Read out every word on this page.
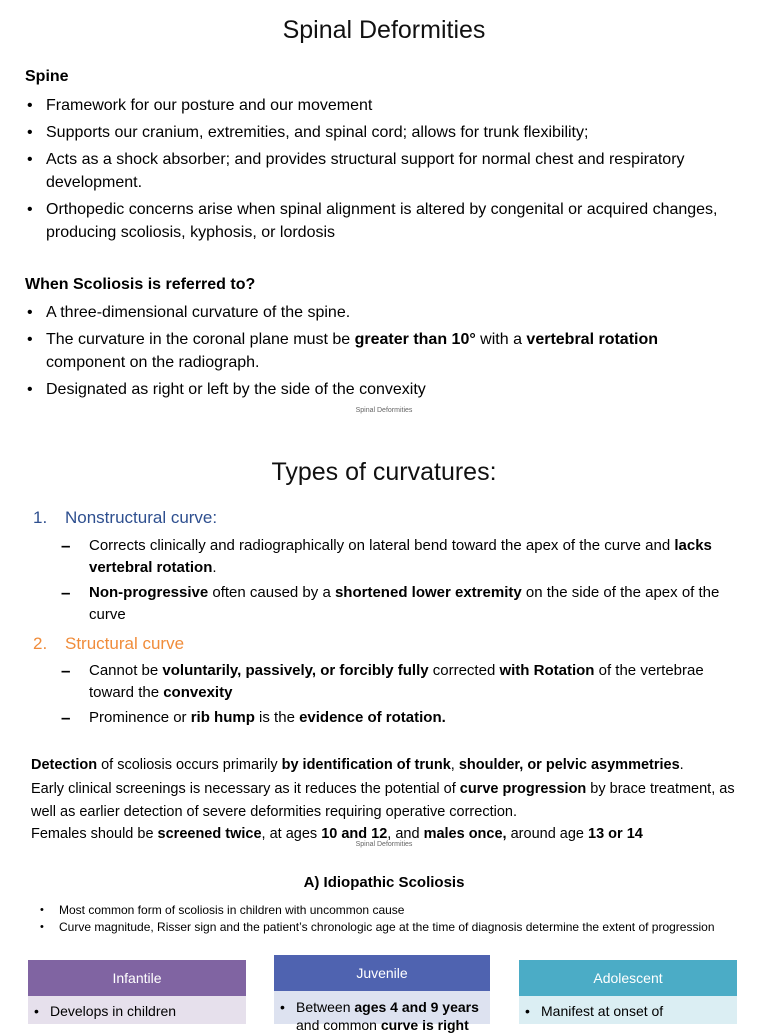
Spinal Deformities
Spine
• Framework for our posture and our movement
• Supports our cranium, extremities, and spinal cord; allows for trunk flexibility;
• Acts as a shock absorber; and provides structural support for normal chest and respiratory development.
• Orthopedic concerns arise when spinal alignment is altered by congenital or acquired changes, producing scoliosis, kyphosis, or lordosis
When Scoliosis is referred to?
• A three-dimensional curvature of the spine.
• The curvature in the coronal plane must be greater than 10° with a vertebral rotation component on the radiograph.
• Designated as right or left by the side of the convexity
Spinal Deformities
Types of curvatures:
1. Nonstructural curve:
– Corrects clinically and radiographically on lateral bend toward the apex of the curve and lacks vertebral rotation.
– Non-progressive often caused by a shortened lower extremity on the side of the apex of the curve
2. Structural curve
– Cannot be voluntarily, passively, or forcibly fully corrected with Rotation of the vertebrae toward the convexity
– Prominence or rib hump is the evidence of rotation.
Detection of scoliosis occurs primarily by identification of trunk, shoulder, or pelvic asymmetries.
Early clinical screenings is necessary as it reduces the potential of curve progression by brace treatment, as well as earlier detection of severe deformities requiring operative correction.
Females should be screened twice, at ages 10 and 12, and males once, around age 13 or 14
Spinal Deformities
A) Idiopathic Scoliosis
• Most common form of scoliosis in children with uncommon cause
• Curve magnitude, Risser sign and the patient’s chronologic age at the time of diagnosis determine the extent of progression
Infantile
• Develops in children
Juvenile
• Between ages 4 and 9 years and common curve is right
Adolescent
• Manifest at onset of
